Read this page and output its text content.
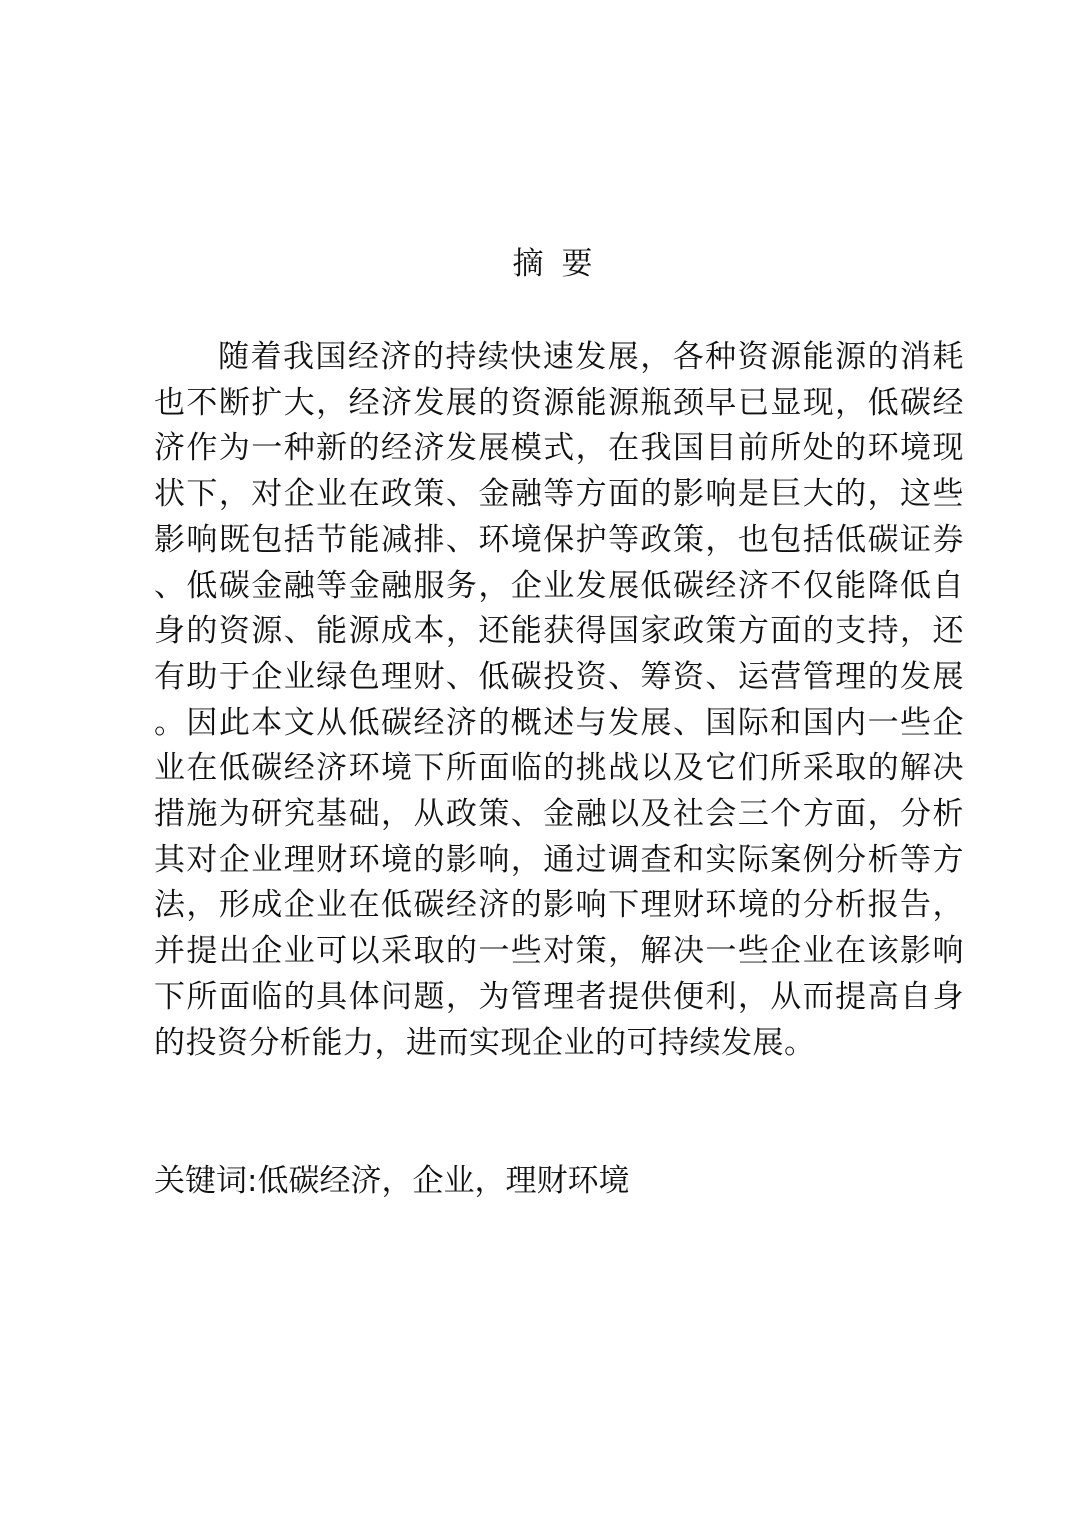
摘要

随着我国经济的持续快速发展，各种资源能源的消耗也不断扩大，经济发展的资源能源瓶颈早已显现，低碳经济作为一种新的经济发展模式，在我国目前所处的环境现状下，对企业在政策、金融等方面的影响是巨大的，这些影响既包括节能减排、环境保护等政策，也包括低碳证券、低碳金融等金融服务，企业发展低碳经济不仅能降低自身的资源、能源成本，还能获得国家政策方面的支持，还有助于企业绿色理财、低碳投资、筹资、运营管理的发展。因此本文从低碳经济的概述与发展、国际和国内一些企业在低碳经济环境下所面临的挑战以及它们所采取的解决措施为研究基础，从政策、金融以及社会三个方面，分析其对企业理财环境的影响，通过调查和实际案例分析等方法，形成企业在低碳经济的影响下理财环境的分析报告，并提出企业可以采取的一些对策，解决一些企业在该影响下所面临的具体问题，为管理者提供便利，从而提高自身的投资分析能力，进而实现企业的可持续发展。

关键词:低碳经济，企业，理财环境
